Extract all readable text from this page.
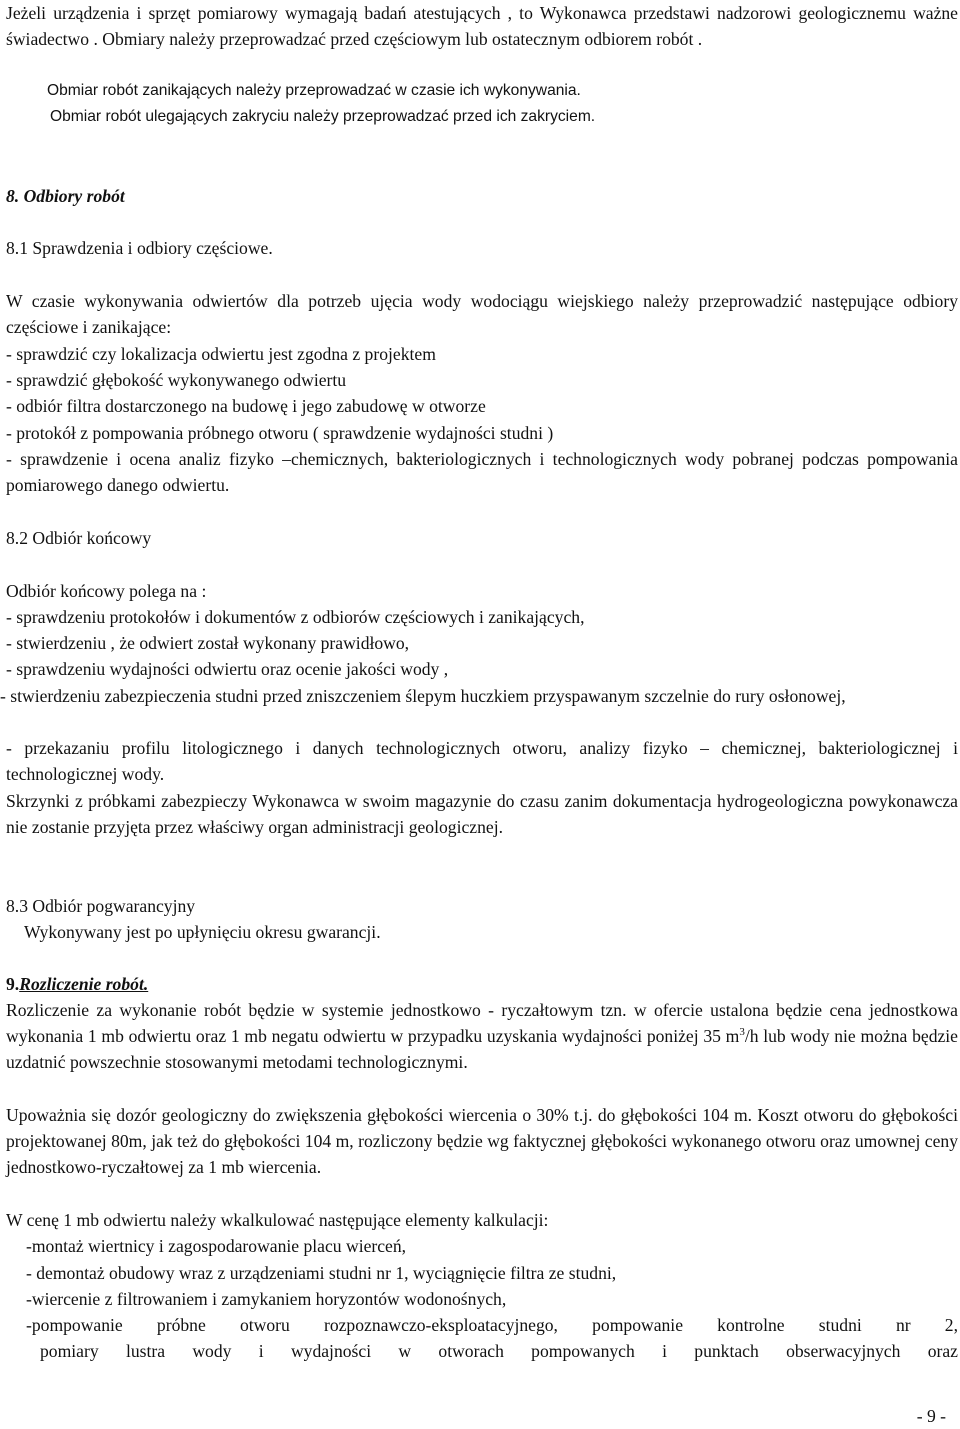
Jeżeli urządzenia i sprzęt pomiarowy wymagają badań atestujących , to Wykonawca przedstawi nadzorowi geologicznemu ważne świadectwo . Obmiary należy przeprowadzać przed częściowym lub ostatecznym odbiorem robót .

Obmiar robót zanikających należy przeprowadzać w czasie ich wykonywania.

Obmiar robót ulegających zakryciu należy przeprowadzać przed ich zakryciem.

8. Odbiory robót

8.1 Sprawdzenia i odbiory częściowe.

W czasie wykonywania odwiertów dla potrzeb ujęcia wody wodociągu wiejskiego należy przeprowadzić następujące odbiory częściowe i zanikające:

- sprawdzić czy lokalizacja odwiertu jest zgodna z projektem

- sprawdzić głębokość wykonywanego odwiertu

- odbiór filtra dostarczonego na budowę i jego zabudowę w otworze

- protokół z pompowania próbnego otworu ( sprawdzenie wydajności studni )

- sprawdzenie i ocena analiz fizyko –chemicznych, bakteriologicznych i technologicznych wody pobranej podczas pompowania pomiarowego danego odwiertu.

8.2 Odbiór końcowy

Odbiór końcowy polega na :

- sprawdzeniu protokołów i dokumentów z odbiorów częściowych i zanikających,

- stwierdzeniu , że odwiert został wykonany prawidłowo,

- sprawdzeniu wydajności odwiertu oraz ocenie jakości wody ,

- stwierdzeniu zabezpieczenia studni przed zniszczeniem ślepym huczkiem przyspawanym szczelnie do rury osłonowej,

- przekazaniu profilu litologicznego i danych technologicznych otworu, analizy fizyko – chemicznej, bakteriologicznej i technologicznej wody.

Skrzynki z próbkami zabezpieczy Wykonawca w swoim magazynie do czasu zanim dokumentacja hydrogeologiczna powykonawcza nie zostanie przyjęta przez właściwy organ administracji geologicznej.

8.3 Odbiór pogwarancyjny

Wykonywany jest po upłynięciu okresu gwarancji.

9.Rozliczenie robót.

Rozliczenie za wykonanie robót będzie w systemie jednostkowo - ryczałtowym tzn. w ofercie ustalona będzie cena jednostkowa wykonania 1 mb odwiertu oraz 1 mb negatu odwiertu w przypadku uzyskania wydajności poniżej 35 $m^3/h$ lub wody nie można będzie uzdatnić powszechnie stosowanymi metodami technologicznymi.

Upoważnia się dozór geologiczny do zwiększenia głębokości wiercenia o 30% t.j. do głębokości 104 m. Koszt otworu do głębokości projektowanej 80m, jak też do głębokości 104 m, rozliczony będzie wg faktycznej głębokości wykonanego otworu oraz umownej ceny jednostkowo-ryczałtowej za 1 mb wiercenia.

W cenę 1 mb odwiertu należy wkalkulować następujące elementy kalkulacji:

-montaż wiertnicy i zagospodarowanie placu wierceń,

- demontaż obudowy wraz z urządzeniami studni nr 1, wyciągnięcie filtra ze studni,

-wiercenie z filtrowaniem i zamykaniem horyzontów wodonośnych,

-pompowanie próbne otworu rozpoznawczo-eksploatacyjnego, pompowanie kontrolne studni nr 2,

pomiary lustra wody i wydajności w otworach pompowanych i punktach obserwacyjnych oraz

- 9 -
